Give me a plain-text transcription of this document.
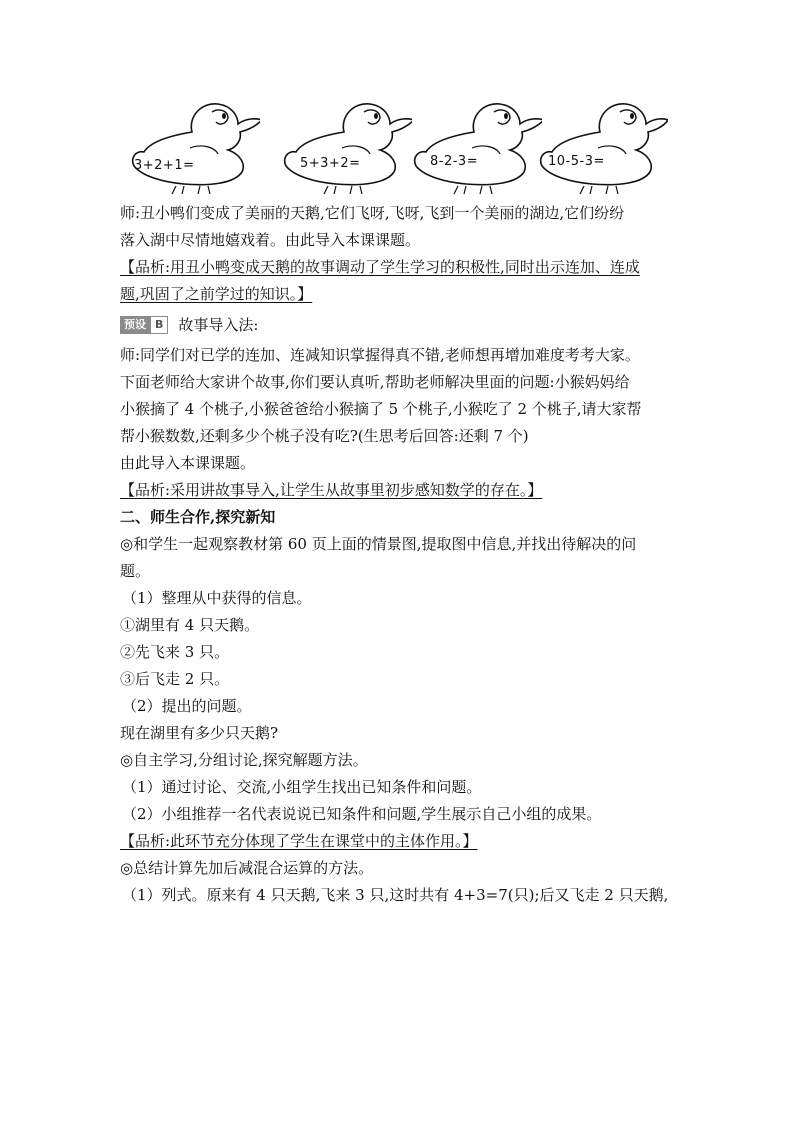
3+2+1=	5+3+2=	8-2-3=	10-5-3=
师:丑小鸭们变成了美丽的天鹅,它们飞呀,飞呀,飞到一个美丽的湖边,它们纷纷
落入湖中尽情地嬉戏着。由此导入本课课题。
【品析:用丑小鸭变成天鹅的故事调动了学生学习的积极性,同时出示连加、连成
题,巩固了之前学过的知识。】
预设 B	故事导入法:
师:同学们对已学的连加、连减知识掌握得真不错,老师想再增加难度考考大家。
下面老师给大家讲个故事,你们要认真听,帮助老师解决里面的问题:小猴妈妈给
小猴摘了 4 个桃子,小猴爸爸给小猴摘了 5 个桃子,小猴吃了 2 个桃子,请大家帮
帮小猴数数,还剩多少个桃子没有吃?(生思考后回答:还剩 7 个)
由此导入本课课题。
【品析:采用讲故事导入,让学生从故事里初步感知数学的存在。】
二、师生合作,探究新知
◎和学生一起观察教材第 60 页上面的情景图,提取图中信息,并找出待解决的问
题。
（1）整理从中获得的信息。
①湖里有 4 只天鹅。
②先飞来 3 只。
③后飞走 2 只。
（2）提出的问题。
现在湖里有多少只天鹅?
◎自主学习,分组讨论,探究解题方法。
（1）通过讨论、交流,小组学生找出已知条件和问题。
（2）小组推荐一名代表说说已知条件和问题,学生展示自己小组的成果。
【品析:此环节充分体现了学生在课堂中的主体作用。】
◎总结计算先加后减混合运算的方法。
（1）列式。原来有 4 只天鹅,飞来 3 只,这时共有 4+3=7(只);后又飞走 2 只天鹅,
